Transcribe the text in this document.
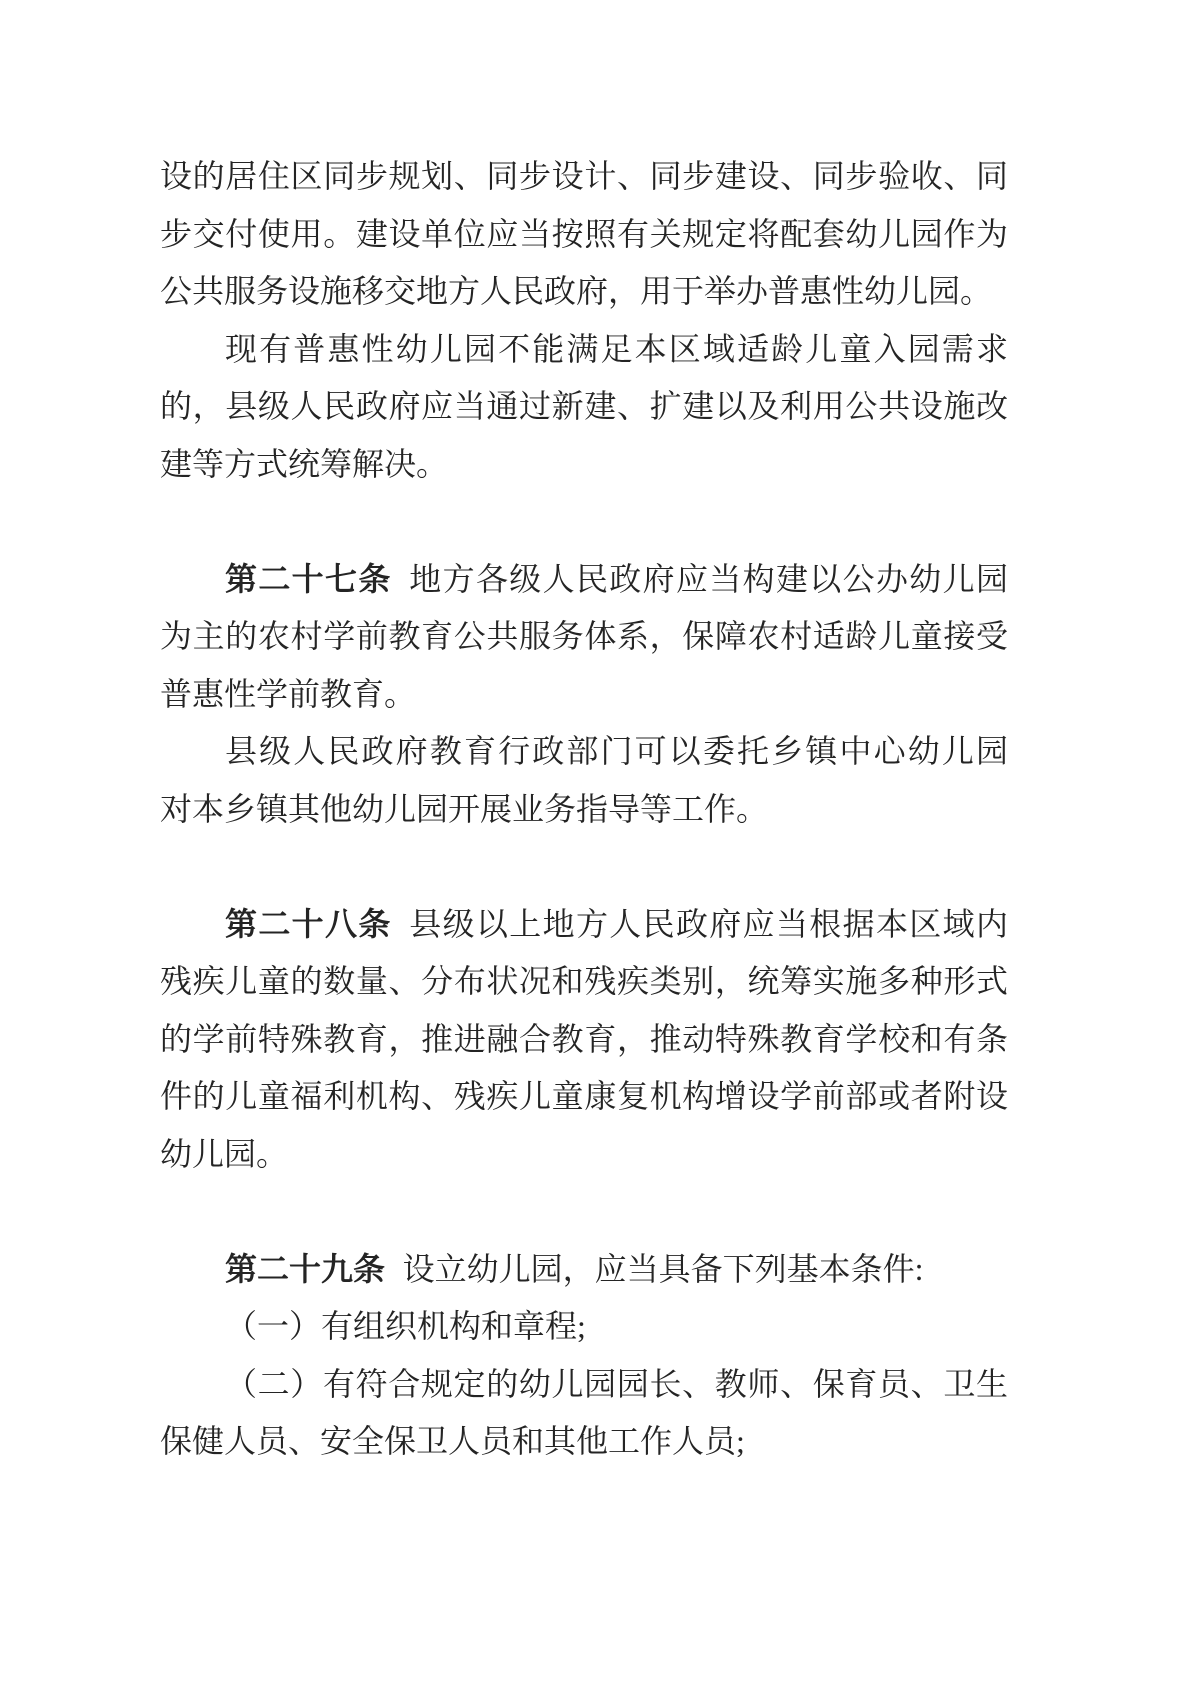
设的居住区同步规划、同步设计、同步建设、同步验收、同
步交付使用。建设单位应当按照有关规定将配套幼儿园作为
公共服务设施移交地方人民政府，用于举办普惠性幼儿园。
现有普惠性幼儿园不能满足本区域适龄儿童入园需求
的，县级人民政府应当通过新建、扩建以及利用公共设施改
建等方式统筹解决。
第二十七条 地方各级人民政府应当构建以公办幼儿园
为主的农村学前教育公共服务体系，保障农村适龄儿童接受
普惠性学前教育。
县级人民政府教育行政部门可以委托乡镇中心幼儿园
对本乡镇其他幼儿园开展业务指导等工作。
第二十八条 县级以上地方人民政府应当根据本区域内
残疾儿童的数量、分布状况和残疾类别，统筹实施多种形式
的学前特殊教育，推进融合教育，推动特殊教育学校和有条
件的儿童福利机构、残疾儿童康复机构增设学前部或者附设
幼儿园。
第二十九条 设立幼儿园，应当具备下列基本条件:
（一）有组织机构和章程;
（二）有符合规定的幼儿园园长、教师、保育员、卫生
保健人员、安全保卫人员和其他工作人员;
